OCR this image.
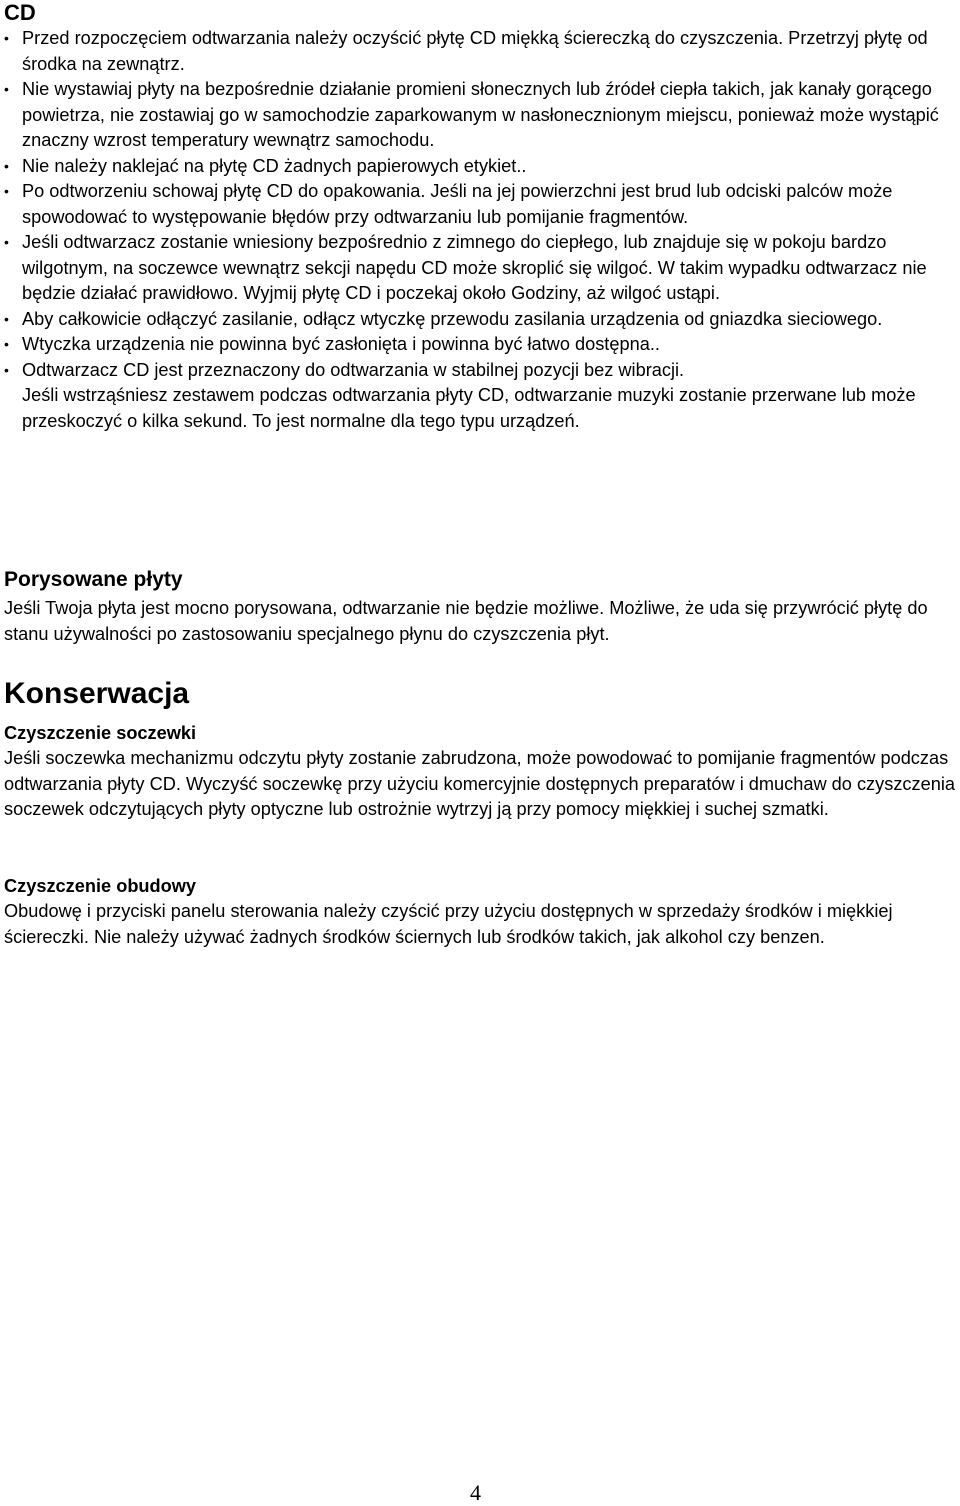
CD
• Przed rozpoczęciem odtwarzania należy oczyścić płytę CD miękką ściereczką do czyszczenia. Przetrzyj płytę od środka na zewnątrz.
• Nie wystawiaj płyty na bezpośrednie działanie promieni słonecznych lub źródeł ciepła takich, jak kanały gorącego powietrza, nie zostawiaj go w samochodzie zaparkowanym w nasłonecznionym miejscu, ponieważ może wystąpić znaczny wzrost temperatury wewnątrz samochodu.
• Nie należy naklejać na płytę CD żadnych papierowych etykiet..
• Po odtworzeniu schowaj płytę CD do opakowania. Jeśli na jej powierzchni jest brud lub odciski palców może spowodować to występowanie błędów przy odtwarzaniu lub pomijanie fragmentów.
• Jeśli odtwarzacz zostanie wniesiony bezpośrednio z zimnego do ciepłego, lub znajduje się w pokoju bardzo wilgotnym, na soczewce wewnątrz sekcji napędu CD może skroplić się wilgoć. W takim wypadku odtwarzacz nie będzie działać prawidłowo. Wyjmij płytę CD i poczekaj około Godziny, aż wilgoć ustąpi.
• Aby całkowicie odłączyć zasilanie, odłącz wtyczkę przewodu zasilania urządzenia od gniazdka sieciowego.
• Wtyczka urządzenia nie powinna być zasłonięta i powinna być łatwo dostępna..
• Odtwarzacz CD jest przeznaczony do odtwarzania w stabilnej pozycji bez wibracji.
Jeśli wstrząśniesz zestawem podczas odtwarzania płyty CD, odtwarzanie muzyki zostanie przerwane lub może przeskoczyć o kilka sekund. To jest normalne dla tego typu urządzeń.
Porysowane płyty

Jeśli Twoja płyta jest mocno porysowana, odtwarzanie nie będzie możliwe. Możliwe, że uda się przywrócić płytę do stanu używalności po zastosowaniu specjalnego płynu do czyszczenia płyt.

Konserwacja
Czyszczenie soczewki

Jeśli soczewka mechanizmu odczytu płyty zostanie zabrudzona, może powodować to pomijanie fragmentów podczas odtwarzania płyty CD. Wyczyść soczewkę przy użyciu komercyjnie dostępnych preparatów i dmuchaw do czyszczenia soczewek odczytujących płyty optyczne lub ostrożnie wytrzyj ją przy pomocy miękkiej i suchej szmatki.

Czyszczenie obudowy

Obudowę i przyciski panelu sterowania należy czyścić przy użyciu dostępnych w sprzedaży środków i miękkiej ściereczki. Nie należy używać żadnych środków ściernych lub środków takich, jak alkohol czy benzen.

4
